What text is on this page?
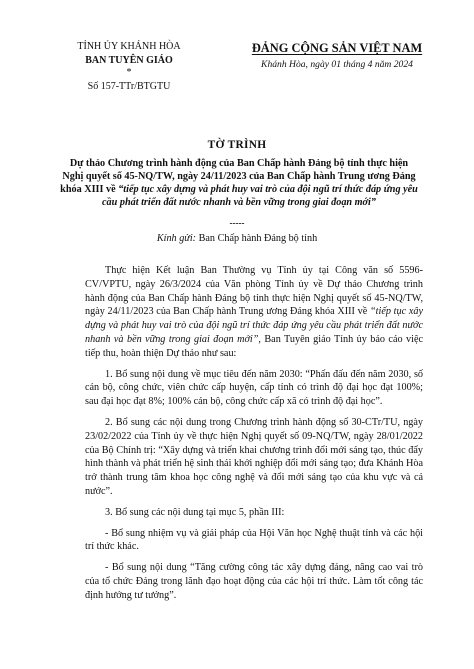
TỈNH ỦY KHÁNH HÒA
BAN TUYÊN GIÁO
*
Số 157-TTr/BTGTU
ĐẢNG CỘNG SẢN VIỆT NAM
Khánh Hòa, ngày 01 tháng 4 năm 2024
TỜ TRÌNH
Dự thảo Chương trình hành động của Ban Chấp hành Đảng bộ tỉnh thực hiện Nghị quyết số 45-NQ/TW, ngày 24/11/2023 của Ban Chấp hành Trung ương Đảng khóa XIII về “tiếp tục xây dựng và phát huy vai trò của đội ngũ trí thức đáp ứng yêu cầu phát triển đất nước nhanh và bền vững trong giai đoạn mới”
-----
Kính gửi: Ban Chấp hành Đảng bộ tỉnh

Thực hiện Kết luận Ban Thường vụ Tỉnh ủy tại Công văn số 5596-CV/VPTU, ngày 26/3/2024 của Văn phòng Tỉnh ủy về Dự thảo Chương trình hành động của Ban Chấp hành Đảng bộ tỉnh thực hiện Nghị quyết số 45-NQ/TW, ngày 24/11/2023 của Ban Chấp hành Trung ương Đảng khóa XIII về “tiếp tục xây dựng và phát huy vai trò của đội ngũ trí thức đáp ứng yêu cầu phát triển đất nước nhanh và bền vững trong giai đoạn mới”, Ban Tuyên giáo Tỉnh ủy báo cáo việc tiếp thu, hoàn thiện Dự thảo như sau:

1. Bổ sung nội dung về mục tiêu đến năm 2030: “Phấn đấu đến năm 2030, số cán bộ, công chức, viên chức cấp huyện, cấp tỉnh có trình độ đại học đạt 100%; sau đại học đạt 8%; 100% cán bộ, công chức cấp xã có trình độ đại học”.

2. Bổ sung các nội dung trong Chương trình hành động số 30-CTr/TU, ngày 23/02/2022 của Tỉnh ủy về thực hiện Nghị quyết số 09-NQ/TW, ngày 28/01/2022 của Bộ Chính trị: “Xây dựng và triển khai chương trình đổi mới sáng tạo, thúc đẩy hình thành và phát triển hệ sinh thái khởi nghiệp đổi mới sáng tạo; đưa Khánh Hòa trở thành trung tâm khoa học công nghệ và đổi mới sáng tạo của khu vực và cả nước”.

3. Bổ sung các nội dung tại mục 5, phần III:

- Bổ sung nhiệm vụ và giải pháp của Hội Văn học Nghệ thuật tỉnh và các hội trí thức khác.

- Bổ sung nội dung “Tăng cường công tác xây dựng đảng, nâng cao vai trò của tổ chức Đảng trong lãnh đạo hoạt động của các hội trí thức. Làm tốt công tác định hướng tư tưởng”.
